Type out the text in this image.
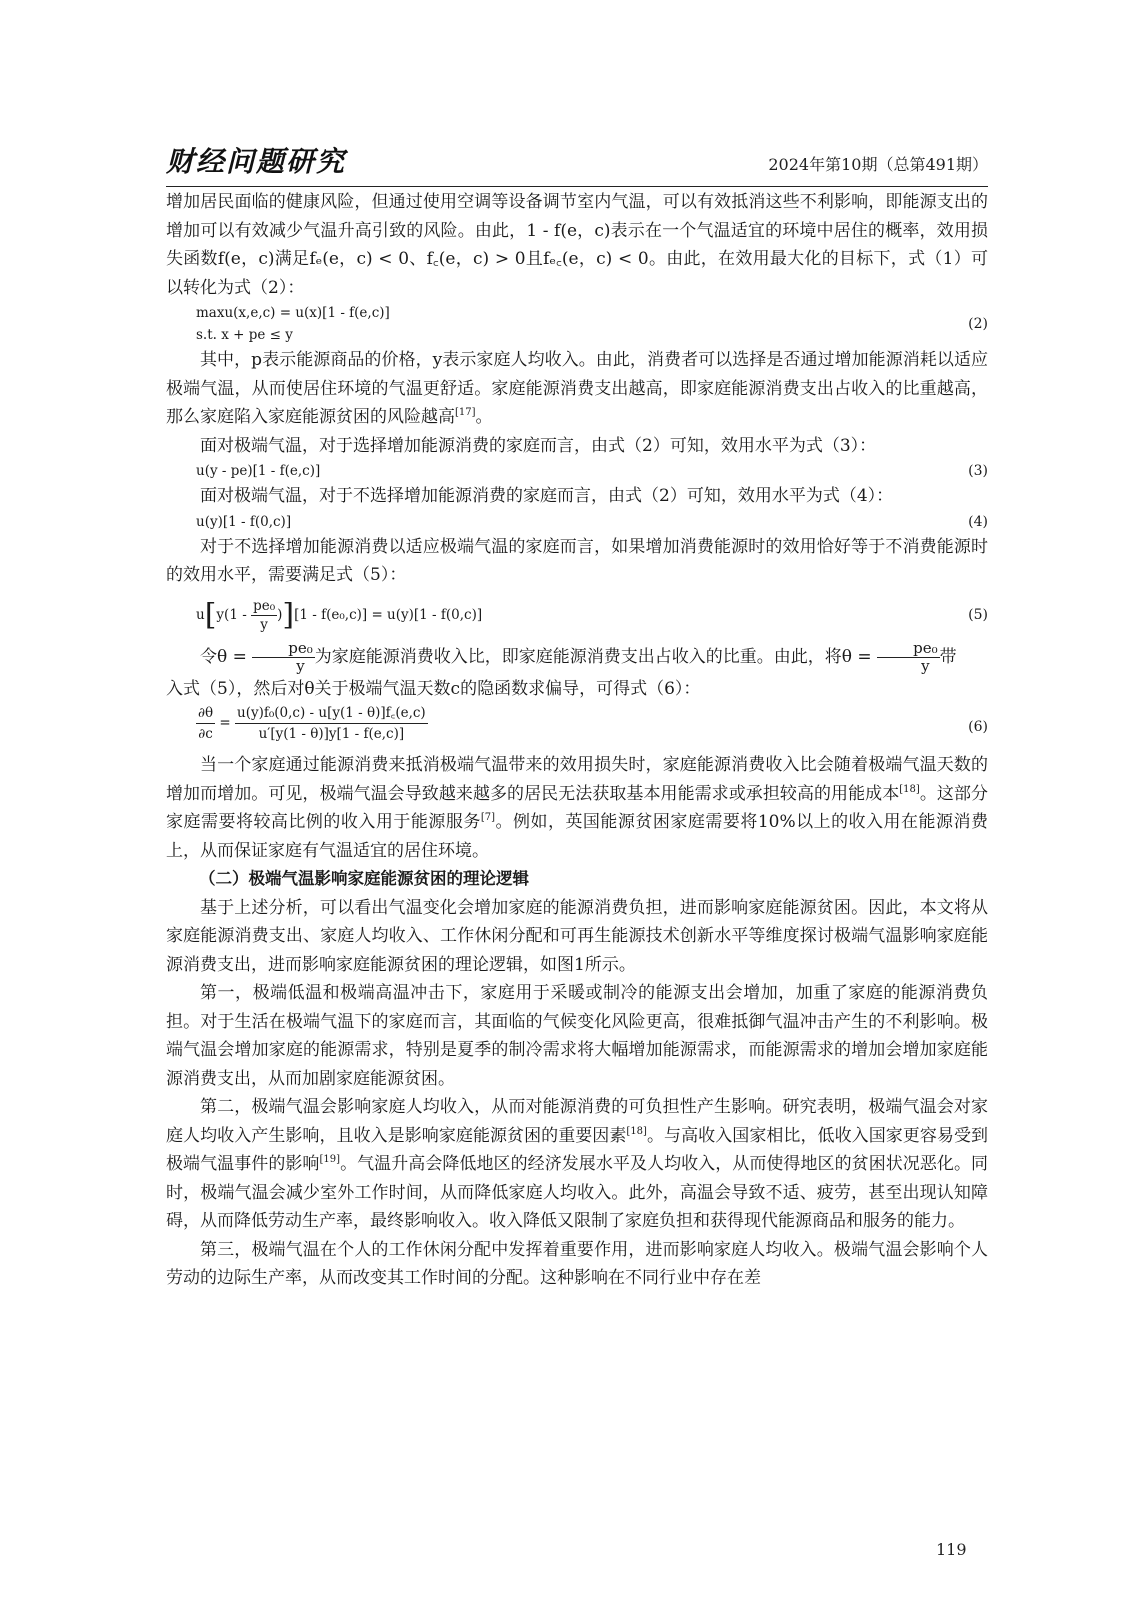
财经问题研究	2024年第10期（总第491期）

增加居民面临的健康风险，但通过使用空调等设备调节室内气温，可以有效抵消这些不利影响，即能源支出的增加可以有效减少气温升高引致的风险。由此，1 - f(e，c)表示在一个气温适宜的环境中居住的概率，效用损失函数f(e，c)满足fₑ(e，c) < 0、f꜀(e，c) > 0且fₑ꜀(e，c) < 0。由此，在效用最大化的目标下，式（1）可以转化为式（2）：

maxu(x,e,c) = u(x)[1 - f(e,c)]
s.t. x + pe ≤ y
(2)

其中，p表示能源商品的价格，y表示家庭人均收入。由此，消费者可以选择是否通过增加能源消耗以适应极端气温，从而使居住环境的气温更舒适。家庭能源消费支出越高，即家庭能源消费支出占收入的比重越高，那么家庭陷入家庭能源贫困的风险越高[17]。

面对极端气温，对于选择增加能源消费的家庭而言，由式（2）可知，效用水平为式（3）：

u(y - pe)[1 - f(e,c)]	(3)

面对极端气温，对于不选择增加能源消费的家庭而言，由式（2）可知，效用水平为式（4）：

u(y)[1 - f(0,c)]	(4)

对于不选择增加能源消费以适应极端气温的家庭而言，如果增加消费能源时的效用恰好等于不消费能源时的效用水平，需要满足式（5）：

$u[y(1 - \frac{\text{pe₀}}{y} )][1 - f(e_0,c)] = u(y)[1 - f(0,c)]$	(5)

令$\theta = \frac{\text{pe₀}}{y}$ 为家庭能源消费收入比，即家庭能源消费支出占收入的比重。由此，将$\theta = \frac{\text{pe₀}}{y}$ 带

入式（5），然后对θ关于极端气温天数c的隐函数求偏导，可得式（6）：

$\frac{\partial\theta}{\partial c} = \frac{\text{u(y)f₀(0,c) - u[y(1 - θ)]f꜀(e,c)}}{u'[y(1 - \theta)]y[1 - f(e,c)]}$	(6)

当一个家庭通过能源消费来抵消极端气温带来的效用损失时，家庭能源消费收入比会随着极端气温天数的增加而增加。可见，极端气温会导致越来越多的居民无法获取基本用能需求或承担较高的用能成本[18]。这部分家庭需要将较高比例的收入用于能源服务[7]。例如，英国能源贫困家庭需要将10%以上的收入用在能源消费上，从而保证家庭有气温适宜的居住环境。

（二）极端气温影响家庭能源贫困的理论逻辑

基于上述分析，可以看出气温变化会增加家庭的能源消费负担，进而影响家庭能源贫困。因此，本文将从家庭能源消费支出、家庭人均收入、工作休闲分配和可再生能源技术创新水平等维度探讨极端气温影响家庭能源消费支出，进而影响家庭能源贫困的理论逻辑，如图1所示。

第一，极端低温和极端高温冲击下，家庭用于采暖或制冷的能源支出会增加，加重了家庭的能源消费负担。对于生活在极端气温下的家庭而言，其面临的气候变化风险更高，很难抵御气温冲击产生的不利影响。极端气温会增加家庭的能源需求，特别是夏季的制冷需求将大幅增加能源需求，而能源需求的增加会增加家庭能源消费支出，从而加剧家庭能源贫困。

第二，极端气温会影响家庭人均收入，从而对能源消费的可负担性产生影响。研究表明，极端气温会对家庭人均收入产生影响，且收入是影响家庭能源贫困的重要因素[18]。与高收入国家相比，低收入国家更容易受到极端气温事件的影响[19]。气温升高会降低地区的经济发展水平及人均收入，从而使得地区的贫困状况恶化。同时，极端气温会减少室外工作时间，从而降低家庭人均收入。此外，高温会导致不适、疲劳，甚至出现认知障碍，从而降低劳动生产率，最终影响收入。收入降低又限制了家庭负担和获得现代能源商品和服务的能力。

第三，极端气温在个人的工作休闲分配中发挥着重要作用，进而影响家庭人均收入。极端气温会影响个人劳动的边际生产率，从而改变其工作时间的分配。这种影响在不同行业中存在差

119
